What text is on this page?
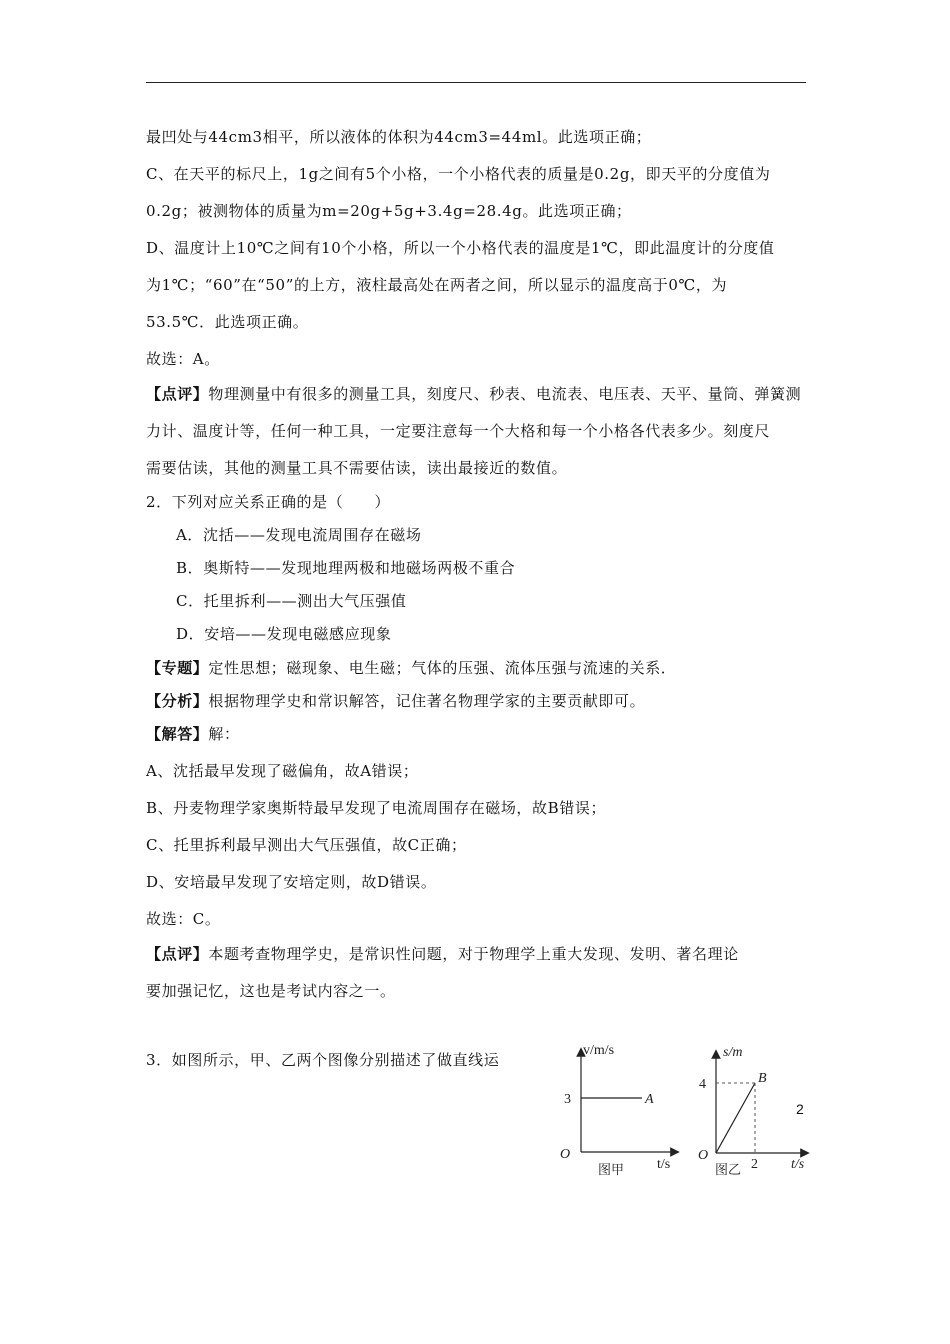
最凹处与44cm3相平，所以液体的体积为44cm3=44ml。此选项正确；
C、在天平的标尺上，1g之间有5个小格，一个小格代表的质量是0.2g，即天平的分度值为
0.2g；被测物体的质量为m=20g+5g+3.4g=28.4g。此选项正确；
D、温度计上10℃之间有10个小格，所以一个小格代表的温度是1℃，即此温度计的分度值
为1℃；“60”在“50”的上方，液柱最高处在两者之间，所以显示的温度高于0℃，为
53.5℃．此选项正确。
故选：A。
【点评】物理测量中有很多的测量工具，刻度尺、秒表、电流表、电压表、天平、量筒、弹簧测
力计、温度计等，任何一种工具，一定要注意每一个大格和每一个小格各代表多少。刻度尺
需要估读，其他的测量工具不需要估读，读出最接近的数值。
2．下列对应关系正确的是（　　）
A．沈括——发现电流周围存在磁场
B．奥斯特——发现地理两极和地磁场两极不重合
C．托里拆利——测出大气压强值
D．安培——发现电磁感应现象
【专题】定性思想；磁现象、电生磁；气体的压强、流体压强与流速的关系．
【分析】根据物理学史和常识解答，记住著名物理学家的主要贡献即可。
【解答】解：
A、沈括最早发现了磁偏角，故A错误；
B、丹麦物理学家奥斯特最早发现了电流周围存在磁场，故B错误；
C、托里拆利最早测出大气压强值，故C正确；
D、安培最早发现了安培定则，故D错误。
故选：C。
【点评】本题考查物理学史，是常识性问题，对于物理学上重大发现、发明、著名理论
要加强记忆，这也是考试内容之一。
3．如图所示，甲、乙两个图像分别描述了做直线运
v/m/s
3	A
O
t/s
图甲
s/m
4	B
O
2 t/s
图乙
2
